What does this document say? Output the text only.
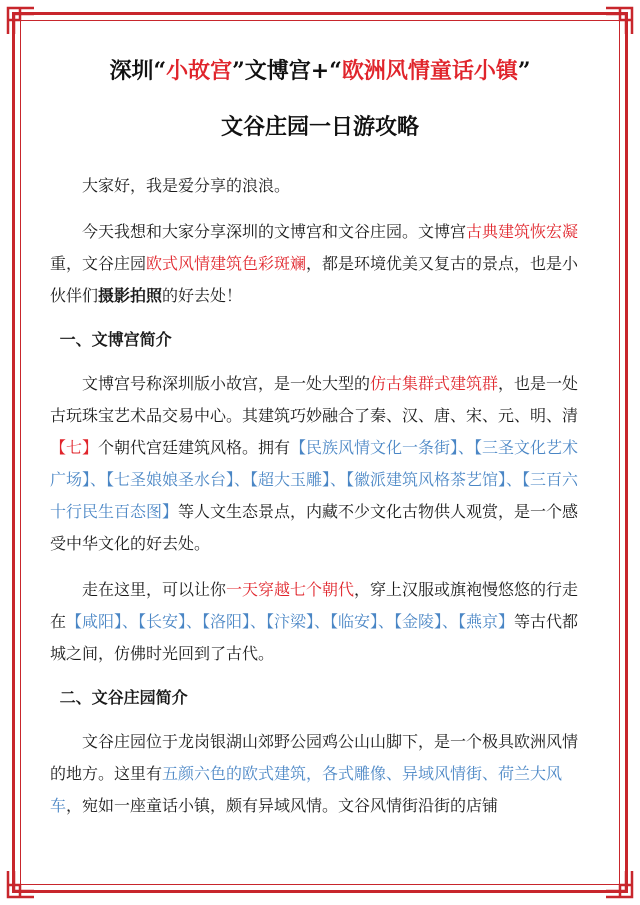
深圳“小故宫”文博宫+“欧洲风情童话小镇”
文谷庄园一日游攻略

大家好，我是爱分享的浪浪。

今天我想和大家分享深圳的文博宫和文谷庄园。文博宫古典建筑恢宏凝重，文谷庄园欧式风情建筑色彩斑斓，都是环境优美又复古的景点，也是小伙伴们摄影拍照的好去处！

一、文博宫简介

文博宫号称深圳版小故宫，是一处大型的仿古集群式建筑群，也是一处古玩珠宝艺术品交易中心。其建筑巧妙融合了秦、汉、唐、宋、元、明、清【七】个朝代宫廷建筑风格。拥有【民族风情文化一条街】、【三圣文化艺术广场】、【七圣娘娘圣水台】、【超大玉雕】、【徽派建筑风格茶艺馆】、【三百六十行民生百态图】等人文生态景点，内藏不少文化古物供人观赏，是一个感受中华文化的好去处。

走在这里，可以让你一天穿越七个朝代，穿上汉服或旗袍慢悠悠的行走在【咸阳】、【长安】、【洛阳】、【汴梁】、【临安】、【金陵】、【燕京】等古代都城之间，仿佛时光回到了古代。

二、文谷庄园简介

文谷庄园位于龙岗银湖山郊野公园鸡公山山脚下，是一个极具欧洲风情的地方。这里有五颜六色的欧式建筑，各式雕像、异域风情街、荷兰大风车，宛如一座童话小镇，颇有异域风情。文谷风情街沿街的店铺
